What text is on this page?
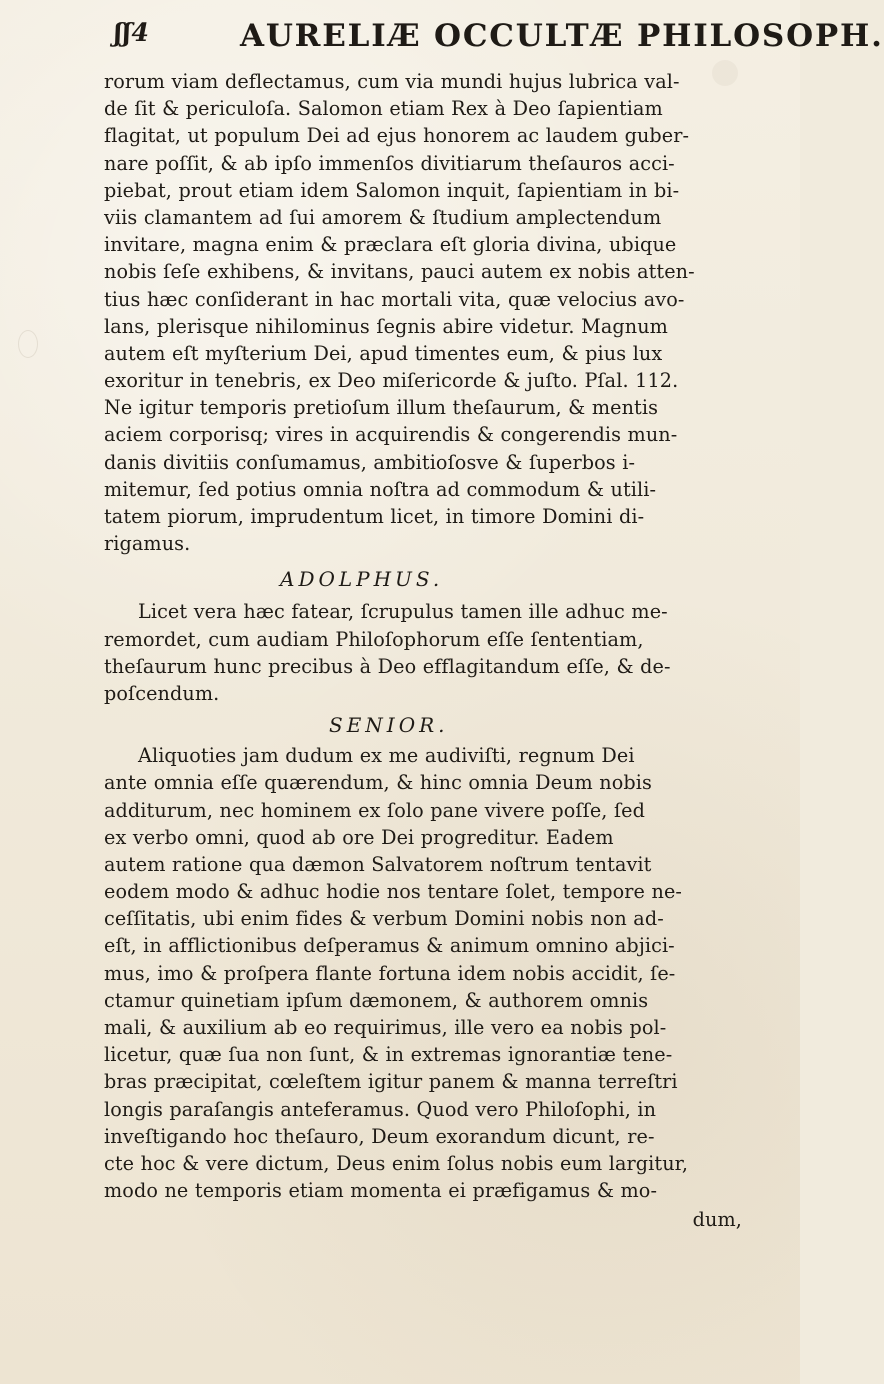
ʃʃ4	AURELIÆ OCCULTÆ PHILOSOPH.
rorum viam deflectamus, cum via mundi hujus lubrica val-
de ſit & periculoſa. Salomon etiam Rex à Deo ſapientiam
flagitat, ut populum Dei ad ejus honorem ac laudem guber-
nare poſſit, & ab ipſo immenſos divitiarum theſauros acci-
piebat, prout etiam idem Salomon inquit, ſapientiam in bi-
viis clamantem ad ſui amorem & ſtudium amplectendum
invitare, magna enim & præclara eſt gloria divina, ubique
nobis ſeſe exhibens, & invitans, pauci autem ex nobis atten-
tius hæc conſiderant in hac mortali vita, quæ velocius avo-
lans, plerisque nihilominus ſegnis abire videtur. Magnum
autem eſt myſterium Dei, apud timentes eum, & pius lux
exoritur in tenebris, ex Deo miſericorde & juſto. Pſal. 112.
Ne igitur temporis pretioſum illum theſaurum, & mentis
aciem corporisq; vires in acquirendis & congerendis mun-
danis divitiis conſumamus, ambitioſosve & ſuperbos i-
mitemur, ſed potius omnia noſtra ad commodum & utili-
tatem piorum, imprudentum licet, in timore Domini di-
rigamus.
ADOLPHUS.
Licet vera hæc fatear, ſcrupulus tamen ille adhuc me-
remordet, cum audiam Philoſophorum eſſe ſententiam,
theſaurum hunc precibus à Deo efflagitandum eſſe, & de-
poſcendum.
SENIOR.
Aliquoties jam dudum ex me audiviſti, regnum Dei
ante omnia eſſe quærendum, & hinc omnia Deum nobis
additurum, nec hominem ex ſolo pane vivere poſſe, ſed
ex verbo omni, quod ab ore Dei progreditur. Eadem
autem ratione qua dæmon Salvatorem noſtrum tentavit
eodem modo & adhuc hodie nos tentare ſolet, tempore ne-
ceſſitatis, ubi enim fides & verbum Domini nobis non ad-
eſt, in afflictionibus deſperamus & animum omnino abjici-
mus, imo & proſpera flante fortuna idem nobis accidit, ſe-
ctamur quinetiam ipſum dæmonem, & authorem omnis
mali, & auxilium ab eo requirimus, ille vero ea nobis pol-
licetur, quæ ſua non ſunt, & in extremas ignorantiæ tene-
bras præcipitat, cœleſtem igitur panem & manna terreſtri
longis paraſangis anteferamus. Quod vero Philoſophi, in
inveſtigando hoc theſauro, Deum exorandum dicunt, re-
cte hoc & vere dictum, Deus enim ſolus nobis eum largitur,
modo ne temporis etiam momenta ei præfigamus & mo-
dum,
